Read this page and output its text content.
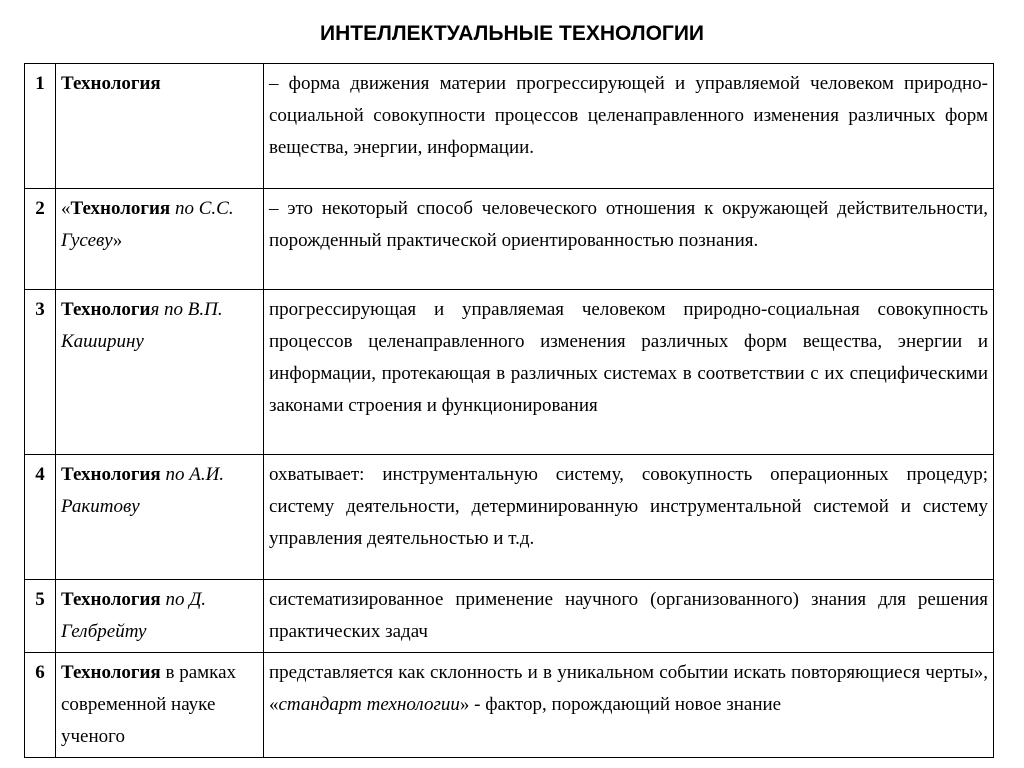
ИНТЕЛЛЕКТУАЛЬНЫЕ ТЕХНОЛОГИИ
1	Технология	– форма движения материи прогрессирующей и управляемой человеком природно-социальной совокупности процессов целенаправленного изменения различных форм вещества, энергии, информации.
2	«Технология по С.С. Гусеву»	– это некоторый способ человеческого отношения к окружающей действительности, порожденный практической ориентированностью познания.
3	Технология по В.П. Каширину	прогрессирующая и управляемая человеком природно-социальная совокупность процессов целенаправленного изменения различных форм вещества, энергии и информации, протекающая в различных системах в соответствии с их специфическими законами строения и функционирования
4	Технология по А.И. Ракитову	охватывает: инструментальную систему, совокупность операционных процедур; систему деятельности, детерминированную инструментальной системой и систему управления деятельностью и т.д.
5	Технология по Д. Гелбрейту	систематизированное применение научного (организованного) знания для решения практических задач
6	Технология в рамках современной науке ученого	представляется как склонность и в уникальном событии искать повторяющиеся черты», «стандарт технологии» - фактор, порождающий новое знание
